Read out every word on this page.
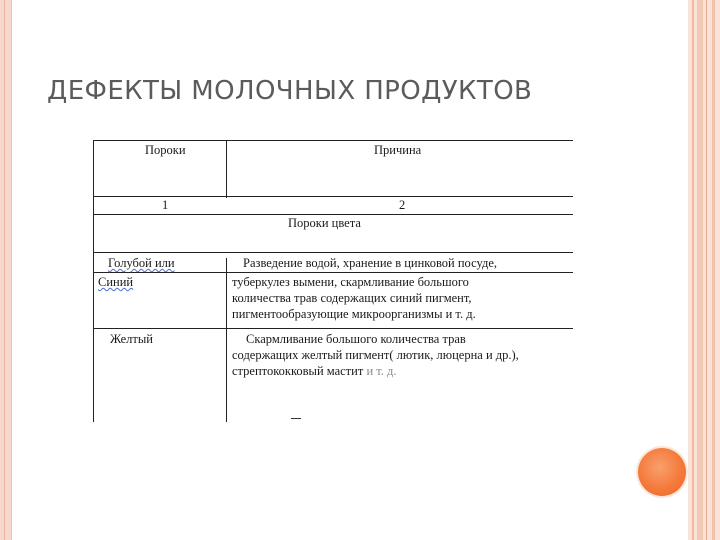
ДЕФЕКТЫ МОЛОЧНЫХ ПРОДУКТОВ
Пороки	Причина
1	2
Пороки цвета
Голубой или	Разведение водой, хранение в цинковой посуде,
Синий	туберкулез вымени, скармливание большого
количества трав содержащих синий пигмент,
пигментообразующие микроорганизмы и т. д.
Желтый	Скармливание большого количества трав
содержащих желтый пигмент( лютик, люцерна и др.),
стрептококковый мастит и т. д.
